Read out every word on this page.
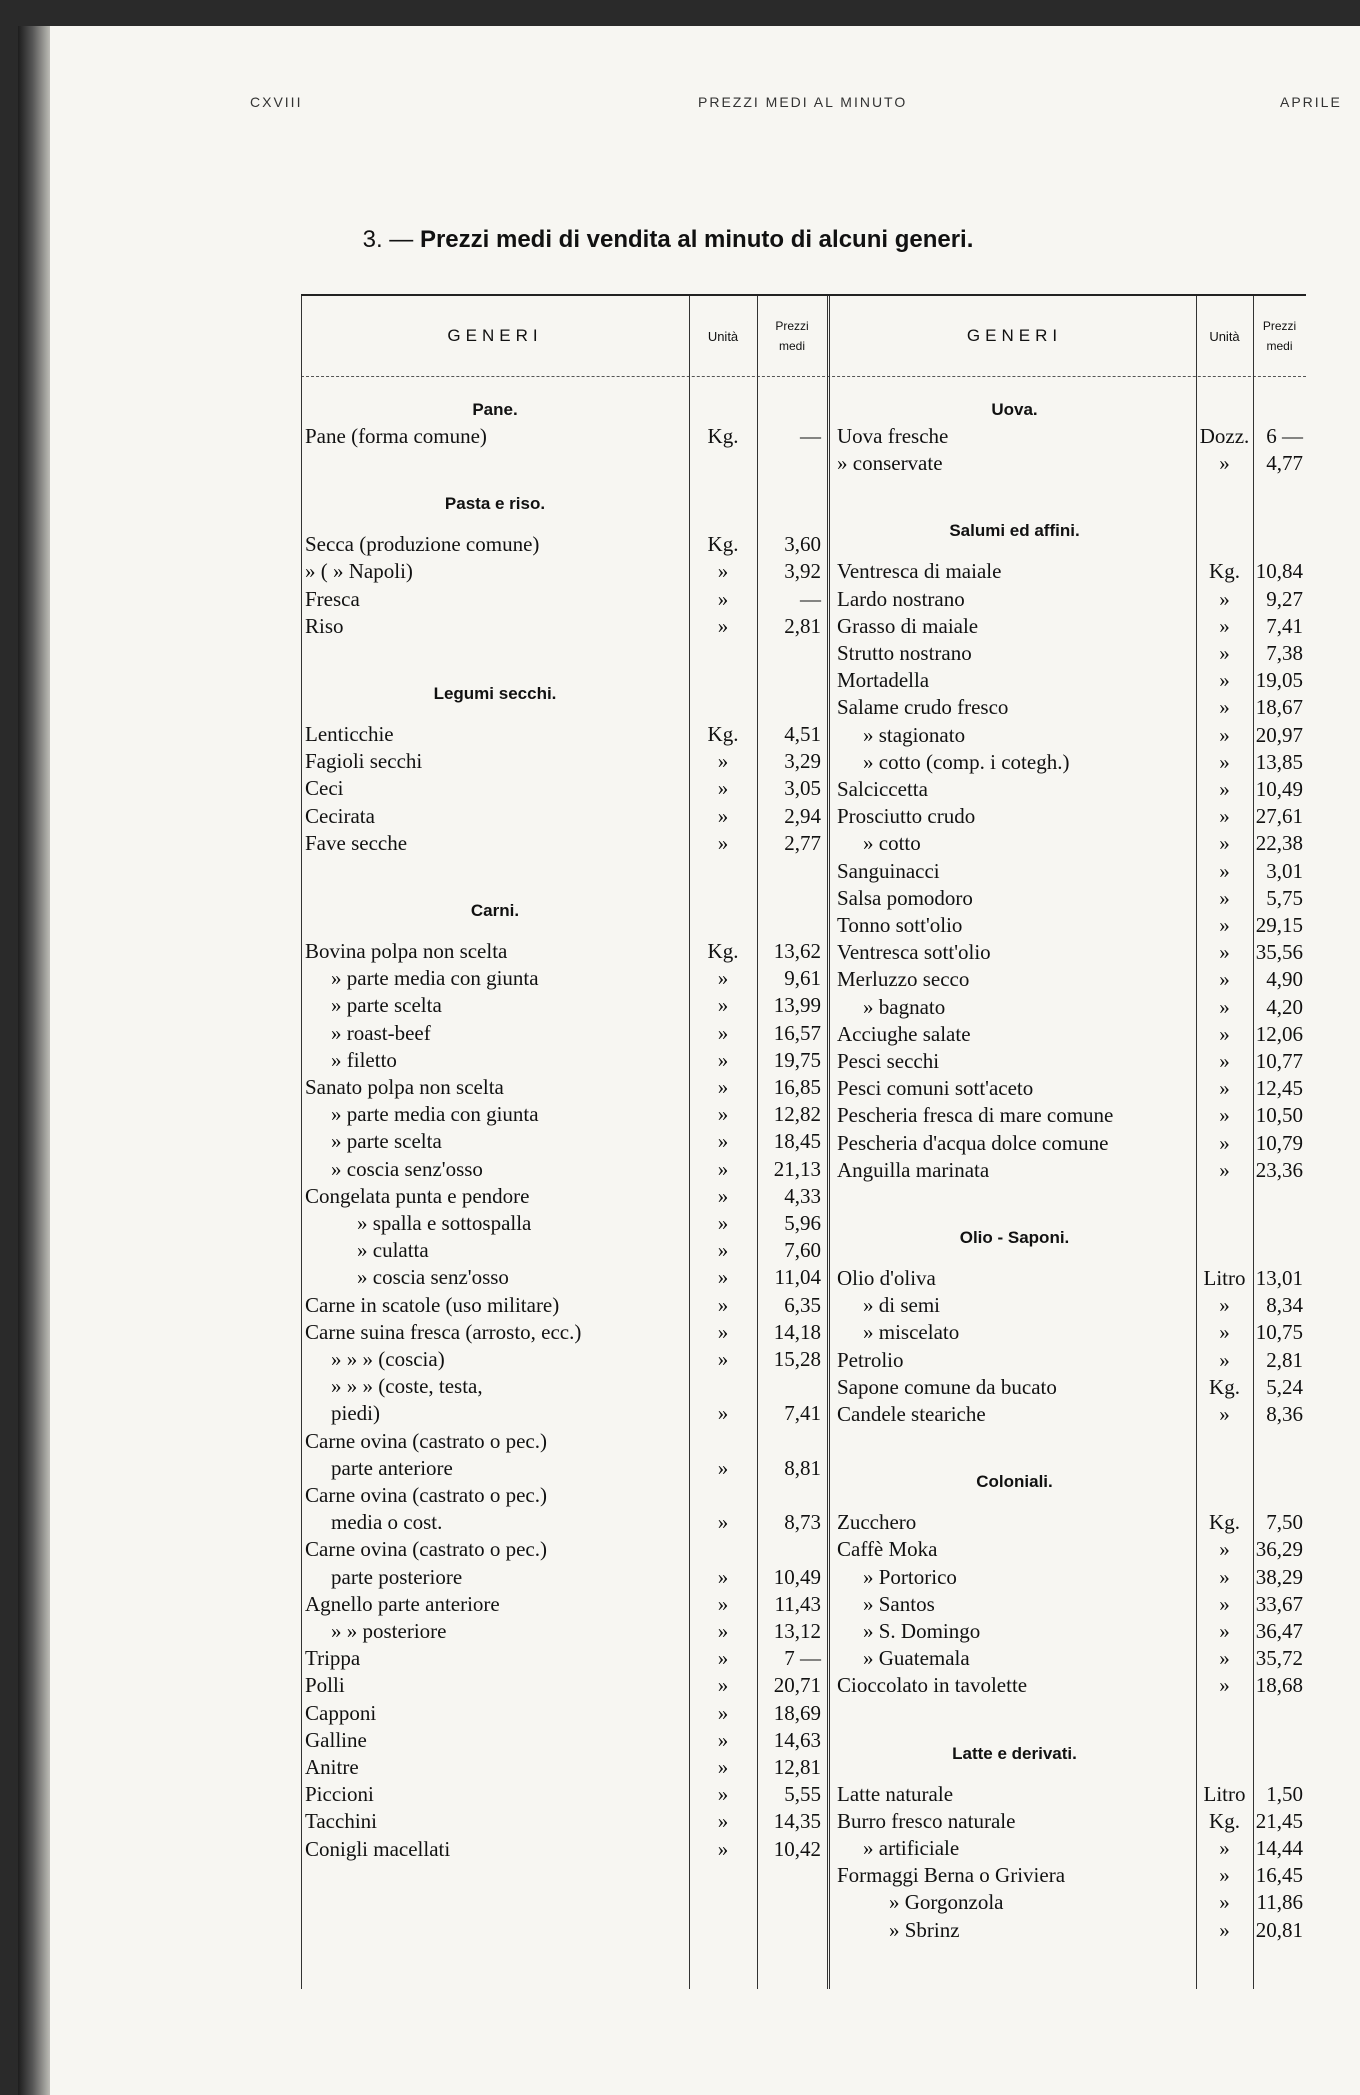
CXVIII	PREZZI MEDI AL MINUTO	APRILE
3. — Prezzi medi di vendita al minuto di alcuni generi.
GENERI	Unità
Prezzi
medi
GENERI	Unità
Prezzi
medi
Pane.
Pane (forma comune)	Kg.	—
Pasta e riso.
Secca (produzione comune)	Kg.	3,60
» ( » Napoli)	»	3,92
Fresca	»	—
Riso	»	2,81
Legumi secchi.
Lenticchie	Kg.	4,51
Fagioli secchi	»	3,29
Ceci	»	3,05
Cecirata	»	2,94
Fave secche	»	2,77
Carni.
Bovina polpa non scelta	Kg.	13,62
» parte media con giunta	»	9,61
» parte scelta	»	13,99
» roast-beef	»	16,57
» filetto	»	19,75
Sanato polpa non scelta	»	16,85
» parte media con giunta	»	12,82
» parte scelta	»	18,45
» coscia senz'osso	»	21,13
Congelata punta e pendore	»	4,33
» spalla e sottospalla	»	5,96
» culatta	»	7,60
» coscia senz'osso	»	11,04
Carne in scatole (uso militare)	»	6,35
Carne suina fresca (arrosto, ecc.)	»	14,18
» » » (coscia)	»	15,28
» » » (coste, testa,
piedi)	»	7,41
Carne ovina (castrato o pec.)
parte anteriore	»	8,81
Carne ovina (castrato o pec.)
media o cost.	»	8,73
Carne ovina (castrato o pec.)
parte posteriore	»	10,49
Agnello parte anteriore	»	11,43
» » posteriore	»	13,12
Trippa	»	7 —
Polli	»	20,71
Capponi	»	18,69
Galline	»	14,63
Anitre	»	12,81
Piccioni	»	5,55
Tacchini	»	14,35
Conigli macellati	»	10,42
Uova.
Uova fresche	Dozz. 6 —
» conservate	»	4,77
Salumi ed affini.
Ventresca di maiale	Kg. 10,84
Lardo nostrano	»	9,27
Grasso di maiale	»	7,41
Strutto nostrano	»	7,38
Mortadella	»	19,05
Salame crudo fresco	»	18,67
» stagionato	»	20,97
» cotto (comp. i cotegh.)	»	13,85
Salciccetta	»	10,49
Prosciutto crudo	»	27,61
» cotto	»	22,38
Sanguinacci	»	3,01
Salsa pomodoro	»	5,75
Tonno sott'olio	»	29,15
Ventresca sott'olio	»	35,56
Merluzzo secco	»	4,90
» bagnato	»	4,20
Acciughe salate	»	12,06
Pesci secchi	»	10,77
Pesci comuni sott'aceto	»	12,45
Pescheria fresca di mare comune	»	10,50
Pescheria d'acqua dolce comune	»	10,79
Anguilla marinata	»	23,36
Olio - Saponi.
Olio d'oliva	Litro 13,01
» di semi	»	8,34
» miscelato	»	10,75
Petrolio	»	2,81
Sapone comune da bucato	Kg.	5,24
Candele steariche	»	8,36
Coloniali.
Zucchero	Kg.	7,50
Caffè Moka	»	36,29
» Portorico	»	38,29
» Santos	»	33,67
» S. Domingo	»	36,47
» Guatemala	»	35,72
Cioccolato in tavolette	»	18,68
Latte e derivati.
Latte naturale	Litro 1,50
Burro fresco naturale	Kg. 21,45
» artificiale	»	14,44
Formaggi Berna o Griviera	»	16,45
» Gorgonzola	»	11,86
» Sbrinz	»	20,81
